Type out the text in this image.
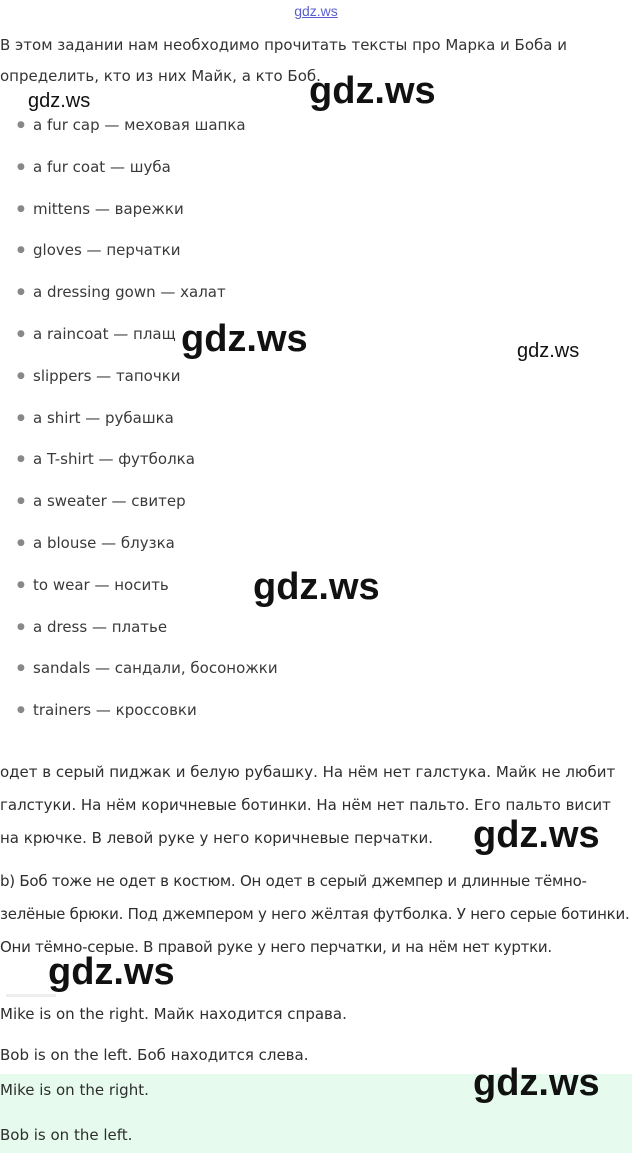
gdz.ws
В этом задании нам необходимо прочитать тексты про Марка и Боба и определить, кто из них Майк, а кто Боб.
● a fur cap — меховая шапка
● a fur coat — шуба
● mittens — варежки
● gloves — перчатки
● a dressing gown — халат
● a raincoat — плащ
● slippers — тапочки
● a shirt — рубашка
● a T-shirt — футболка
● a sweater — свитер
● a blouse — блузка
● to wear — носить
● a dress — платье
● sandals — сандали, босоножки
● trainers — кроссовки
одет в серый пиджак и белую рубашку. На нём нет галстука. Майк не любит галстуки. На нём коричневые ботинки. На нём нет пальто. Его пальто висит на крючке. В левой руке у него коричневые перчатки.
b) Боб тоже не одет в костюм. Он одет в серый джемпер и длинные тёмно-зелёные брюки. Под джемпером у него жёлтая футболка. У него серые ботинки. Они тёмно-серые. В правой руке у него перчатки, и на нём нет куртки.
Mike is on the right. Майк находится справа.
Bob is on the left. Боб находится слева.
Mike is on the right.
Bob is on the left.
gdz.ws	gdz.ws
gdz.ws	gdz.ws
gdz.ws
gdz.ws
gdz.ws
gdz.ws
